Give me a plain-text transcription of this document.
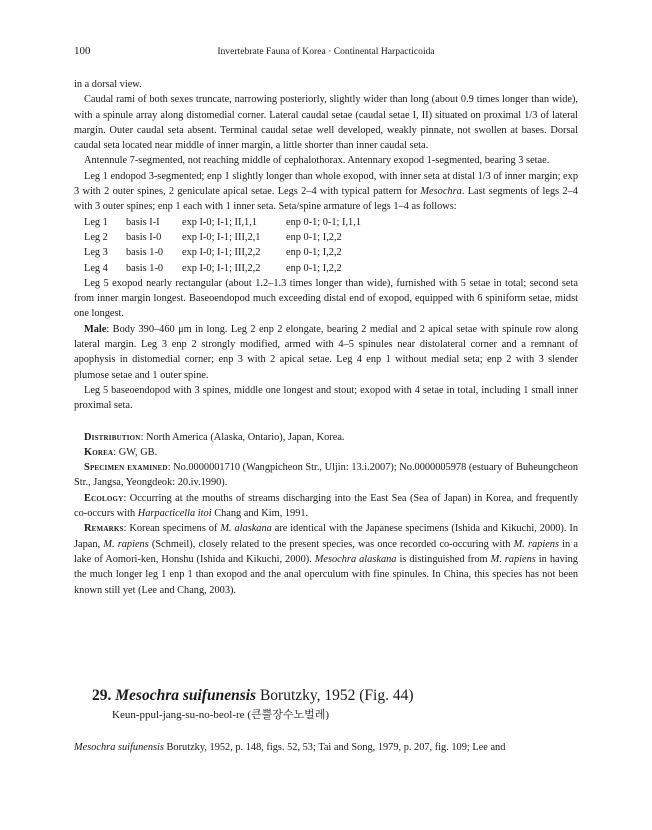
100	Invertebrate Fauna of Korea · Continental Harpacticoida

in a dorsal view.

Caudal rami of both sexes truncate, narrowing posteriorly, slightly wider than long (about 0.9 times longer than wide), with a spinule array along distomedial corner. Lateral caudal setae (caudal setae I, II) situated on proximal 1/3 of lateral margin. Outer caudal seta absent. Terminal caudal setae well developed, weakly pinnate, not swollen at bases. Dorsal caudal seta located near middle of inner margin, a little shorter than inner caudal seta.

Antennule 7-segmented, not reaching middle of cephalothorax. Antennary exopod 1-segmented, bearing 3 setae.

Leg 1 endopod 3-segmented; enp 1 slightly longer than whole exopod, with inner seta at distal 1/3 of inner margin; exp 3 with 2 outer spines, 2 geniculate apical setae. Legs 2–4 with typical pattern for Mesochra. Last segments of legs 2–4 with 3 outer spines; enp 1 each with 1 inner seta. Seta/spine armature of legs 1–4 as follows:

Leg 1	basis I-I	exp I-0; I-1; II,1,1	enp 0-1; 0-1; I,1,1
Leg 2	basis I-0	exp I-0; I-1; III,2,1	enp 0-1; I,2,2
Leg 3	basis 1-0	exp I-0; I-1; III,2,2	enp 0-1; I,2,2
Leg 4	basis 1-0	exp I-0; I-1; III,2,2	enp 0-1; I,2,2

Leg 5 exopod nearly rectangular (about 1.2–1.3 times longer than wide), furnished with 5 setae in total; second seta from inner margin longest. Baseoendopod much exceeding distal end of exopod, equipped with 6 spiniform setae, midst one longest.

Male: Body 390–460 μm in long. Leg 2 enp 2 elongate, bearing 2 medial and 2 apical setae with spinule row along lateral margin. Leg 3 enp 2 strongly modified, armed with 4–5 spinules near distolateral corner and a remnant of apophysis in distomedial corner; enp 3 with 2 apical setae. Leg 4 enp 1 without medial seta; enp 2 with 3 slender plumose setae and 1 outer spine.

Leg 5 baseoendopod with 3 spines, middle one longest and stout; exopod with 4 setae in total, including 1 small inner proximal seta.

Distribution: North America (Alaska, Ontario), Japan, Korea.

Korea: GW, GB.

Specimen examined: No.0000001710 (Wangpicheon Str., Uljin: 13.i.2007); No.0000005978 (estuary of Buheungcheon Str., Jangsa, Yeongdeok: 20.iv.1990).

Ecology: Occurring at the mouths of streams discharging into the East Sea (Sea of Japan) in Korea, and frequently co-occurs with Harpacticella itoi Chang and Kim, 1991.

Remarks: Korean specimens of M. alaskana are identical with the Japanese specimens (Ishida and Kikuchi, 2000). In Japan, M. rapiens (Schmeil), closely related to the present species, was once recorded co-occuring with M. rapiens in a lake of Aomori-ken, Honshu (Ishida and Kikuchi, 2000). Mesochra alaskana is distinguished from M. rapiens in having the much longer leg 1 enp 1 than exopod and the anal operculum with fine spinules. In China, this species has not been known still yet (Lee and Chang, 2003).

29. Mesochra suifunensis Borutzky, 1952 (Fig. 44)
Keun-ppul-jang-su-no-beol-re (큰뿔장수노벌레)
Mesochra suifunensis Borutzky, 1952, p. 148, figs. 52, 53; Tai and Song, 1979, p. 207, fig. 109; Lee and
